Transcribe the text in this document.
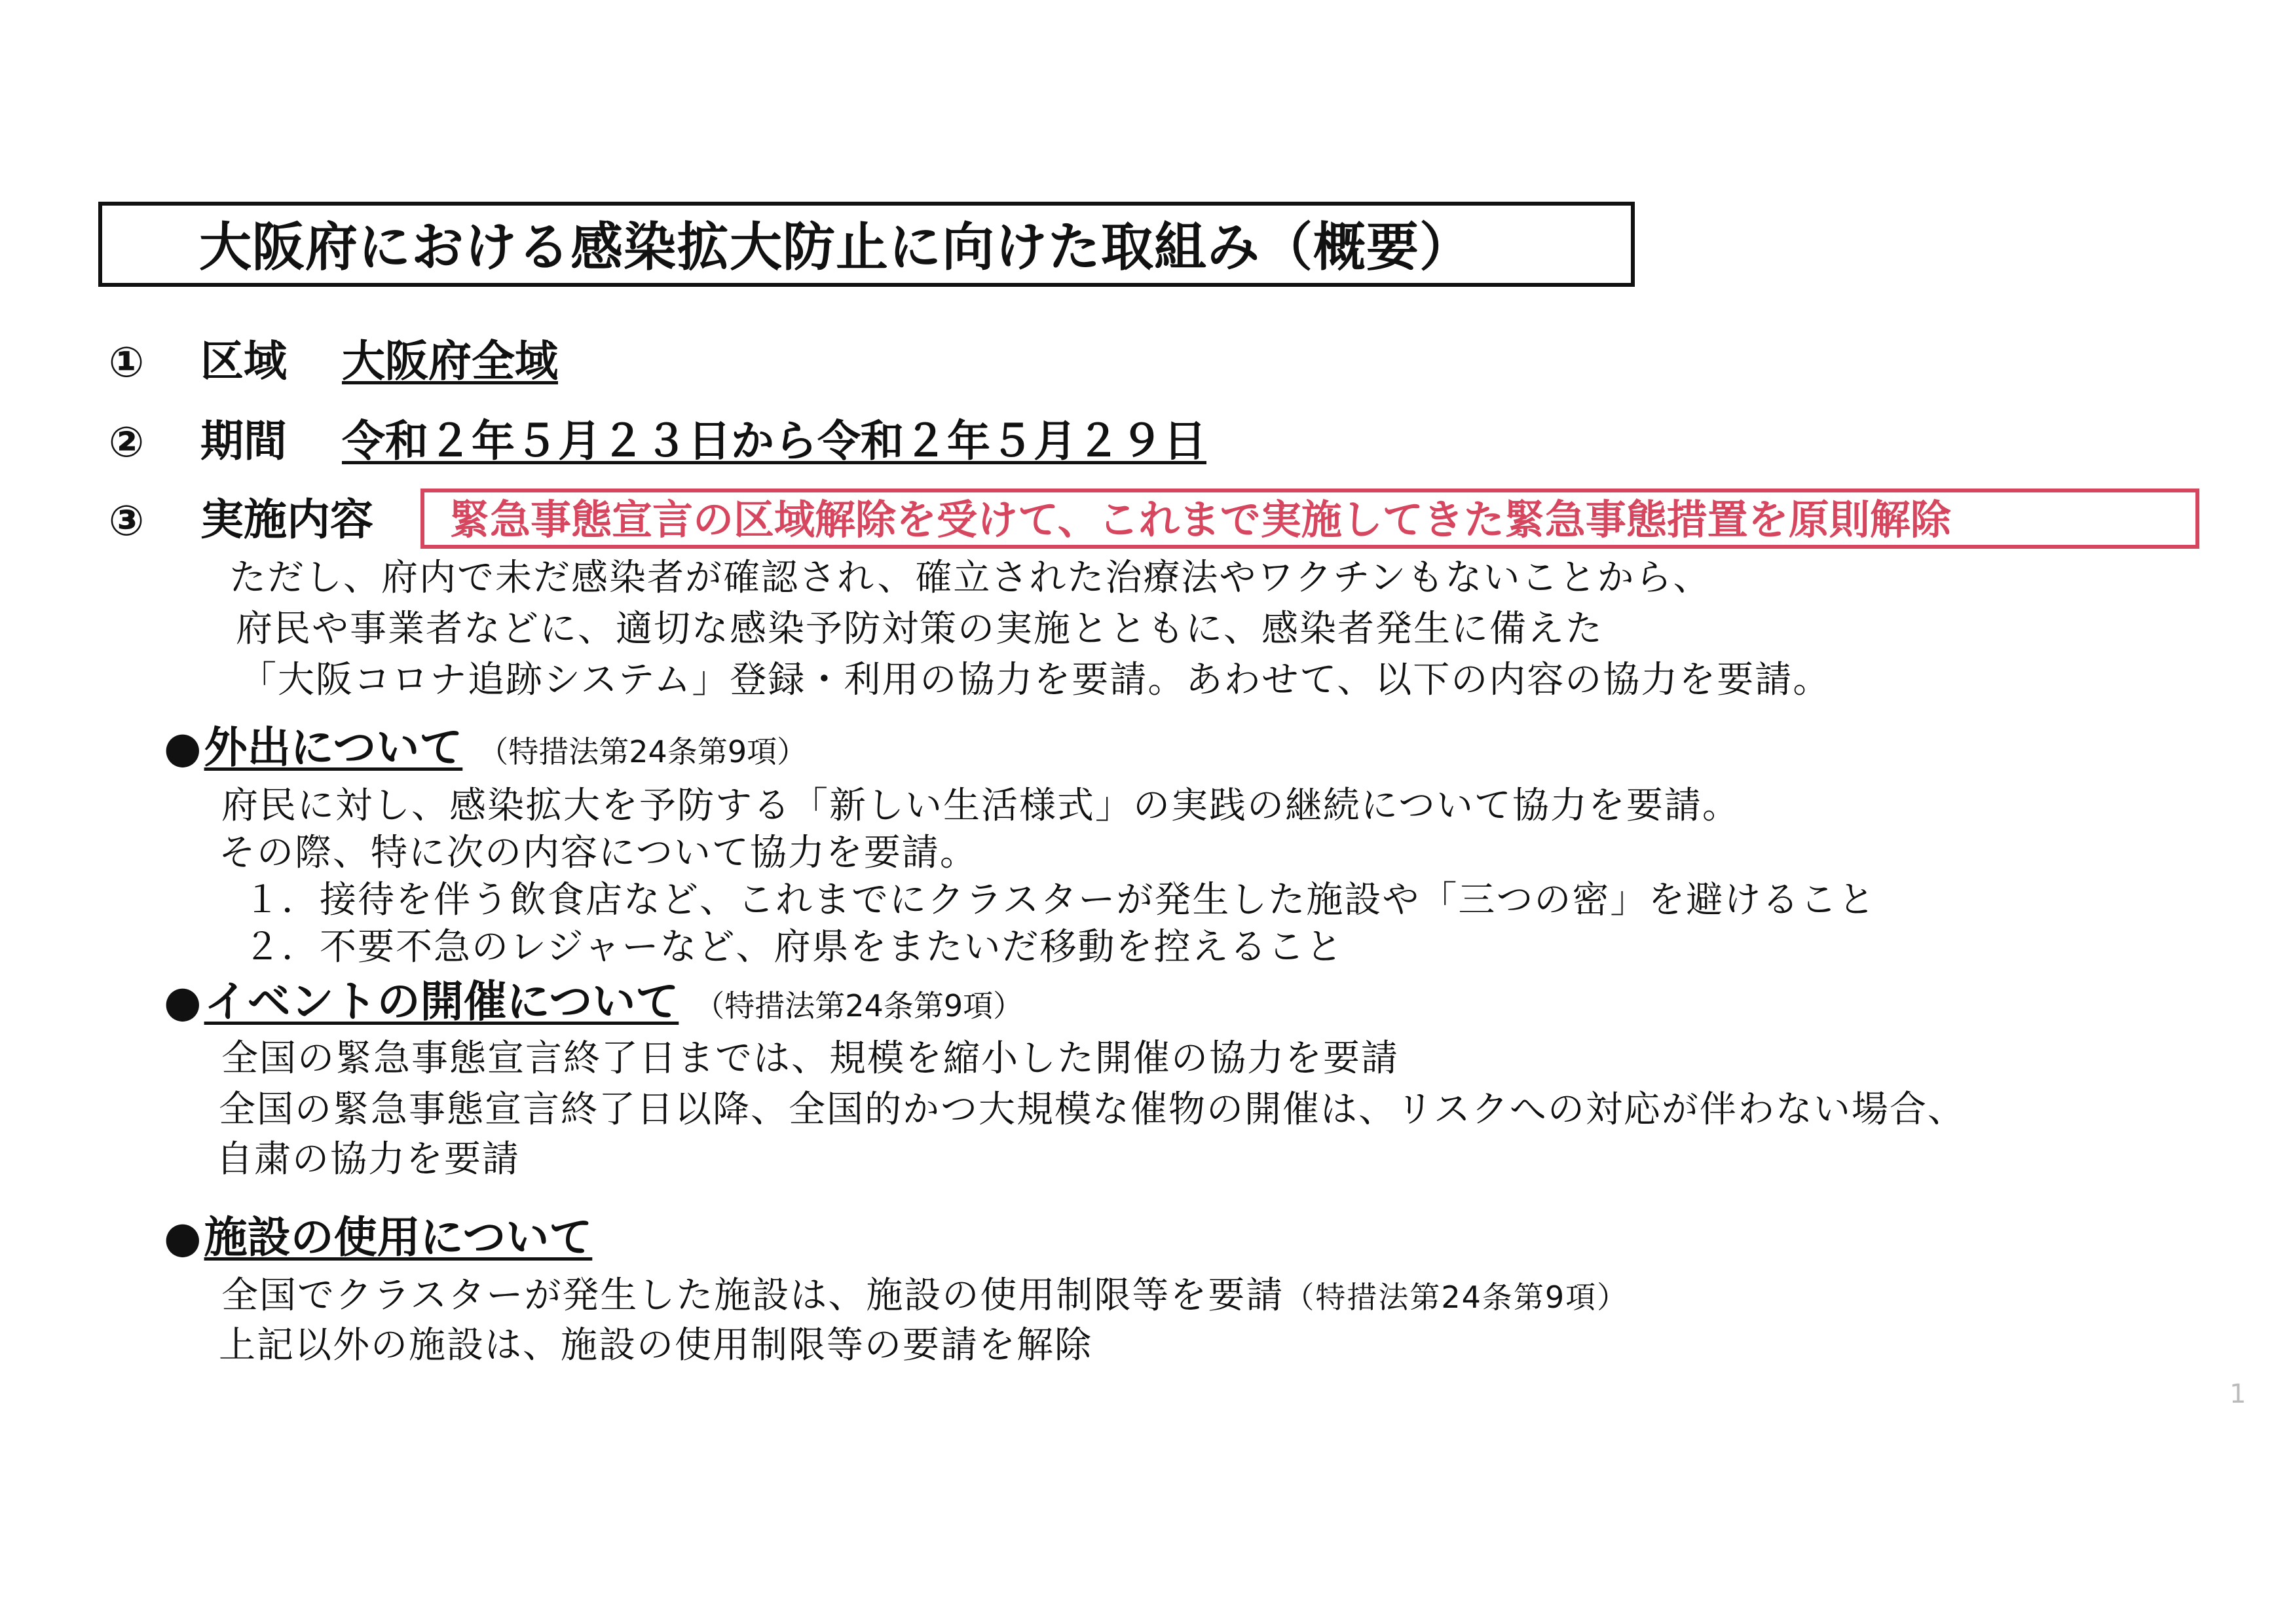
大阪府における感染拡大防止に向けた取組み（概要）
① 区域 大阪府全域
② 期間 令和２年５月２３日から令和２年５月２９日
③ 実施内容 緊急事態宣言の区域解除を受けて、これまで実施してきた緊急事態措置を原則解除
ただし、府内で未だ感染者が確認され、確立された治療法やワクチンもないことから、
府民や事業者などに、適切な感染予防対策の実施とともに、感染者発生に備えた
「大阪コロナ追跡システム」登録・利用の協力を要請。あわせて、以下の内容の協力を要請。
●外出について （特措法第24条第9項）
府民に対し、感染拡大を予防する「新しい生活様式」の実践の継続について協力を要請。
その際、特に次の内容について協力を要請。
１．接待を伴う飲食店など、これまでにクラスターが発生した施設や「三つの密」を避けること
２．不要不急のレジャーなど、府県をまたいだ移動を控えること
●イベントの開催について （特措法第24条第9項）
全国の緊急事態宣言終了日までは、規模を縮小した開催の協力を要請
全国の緊急事態宣言終了日以降、全国的かつ大規模な催物の開催は、リスクへの対応が伴わない場合、
自粛の協力を要請
●施設の使用について
全国でクラスターが発生した施設は、施設の使用制限等を要請（特措法第24条第9項）
上記以外の施設は、施設の使用制限等の要請を解除
1
